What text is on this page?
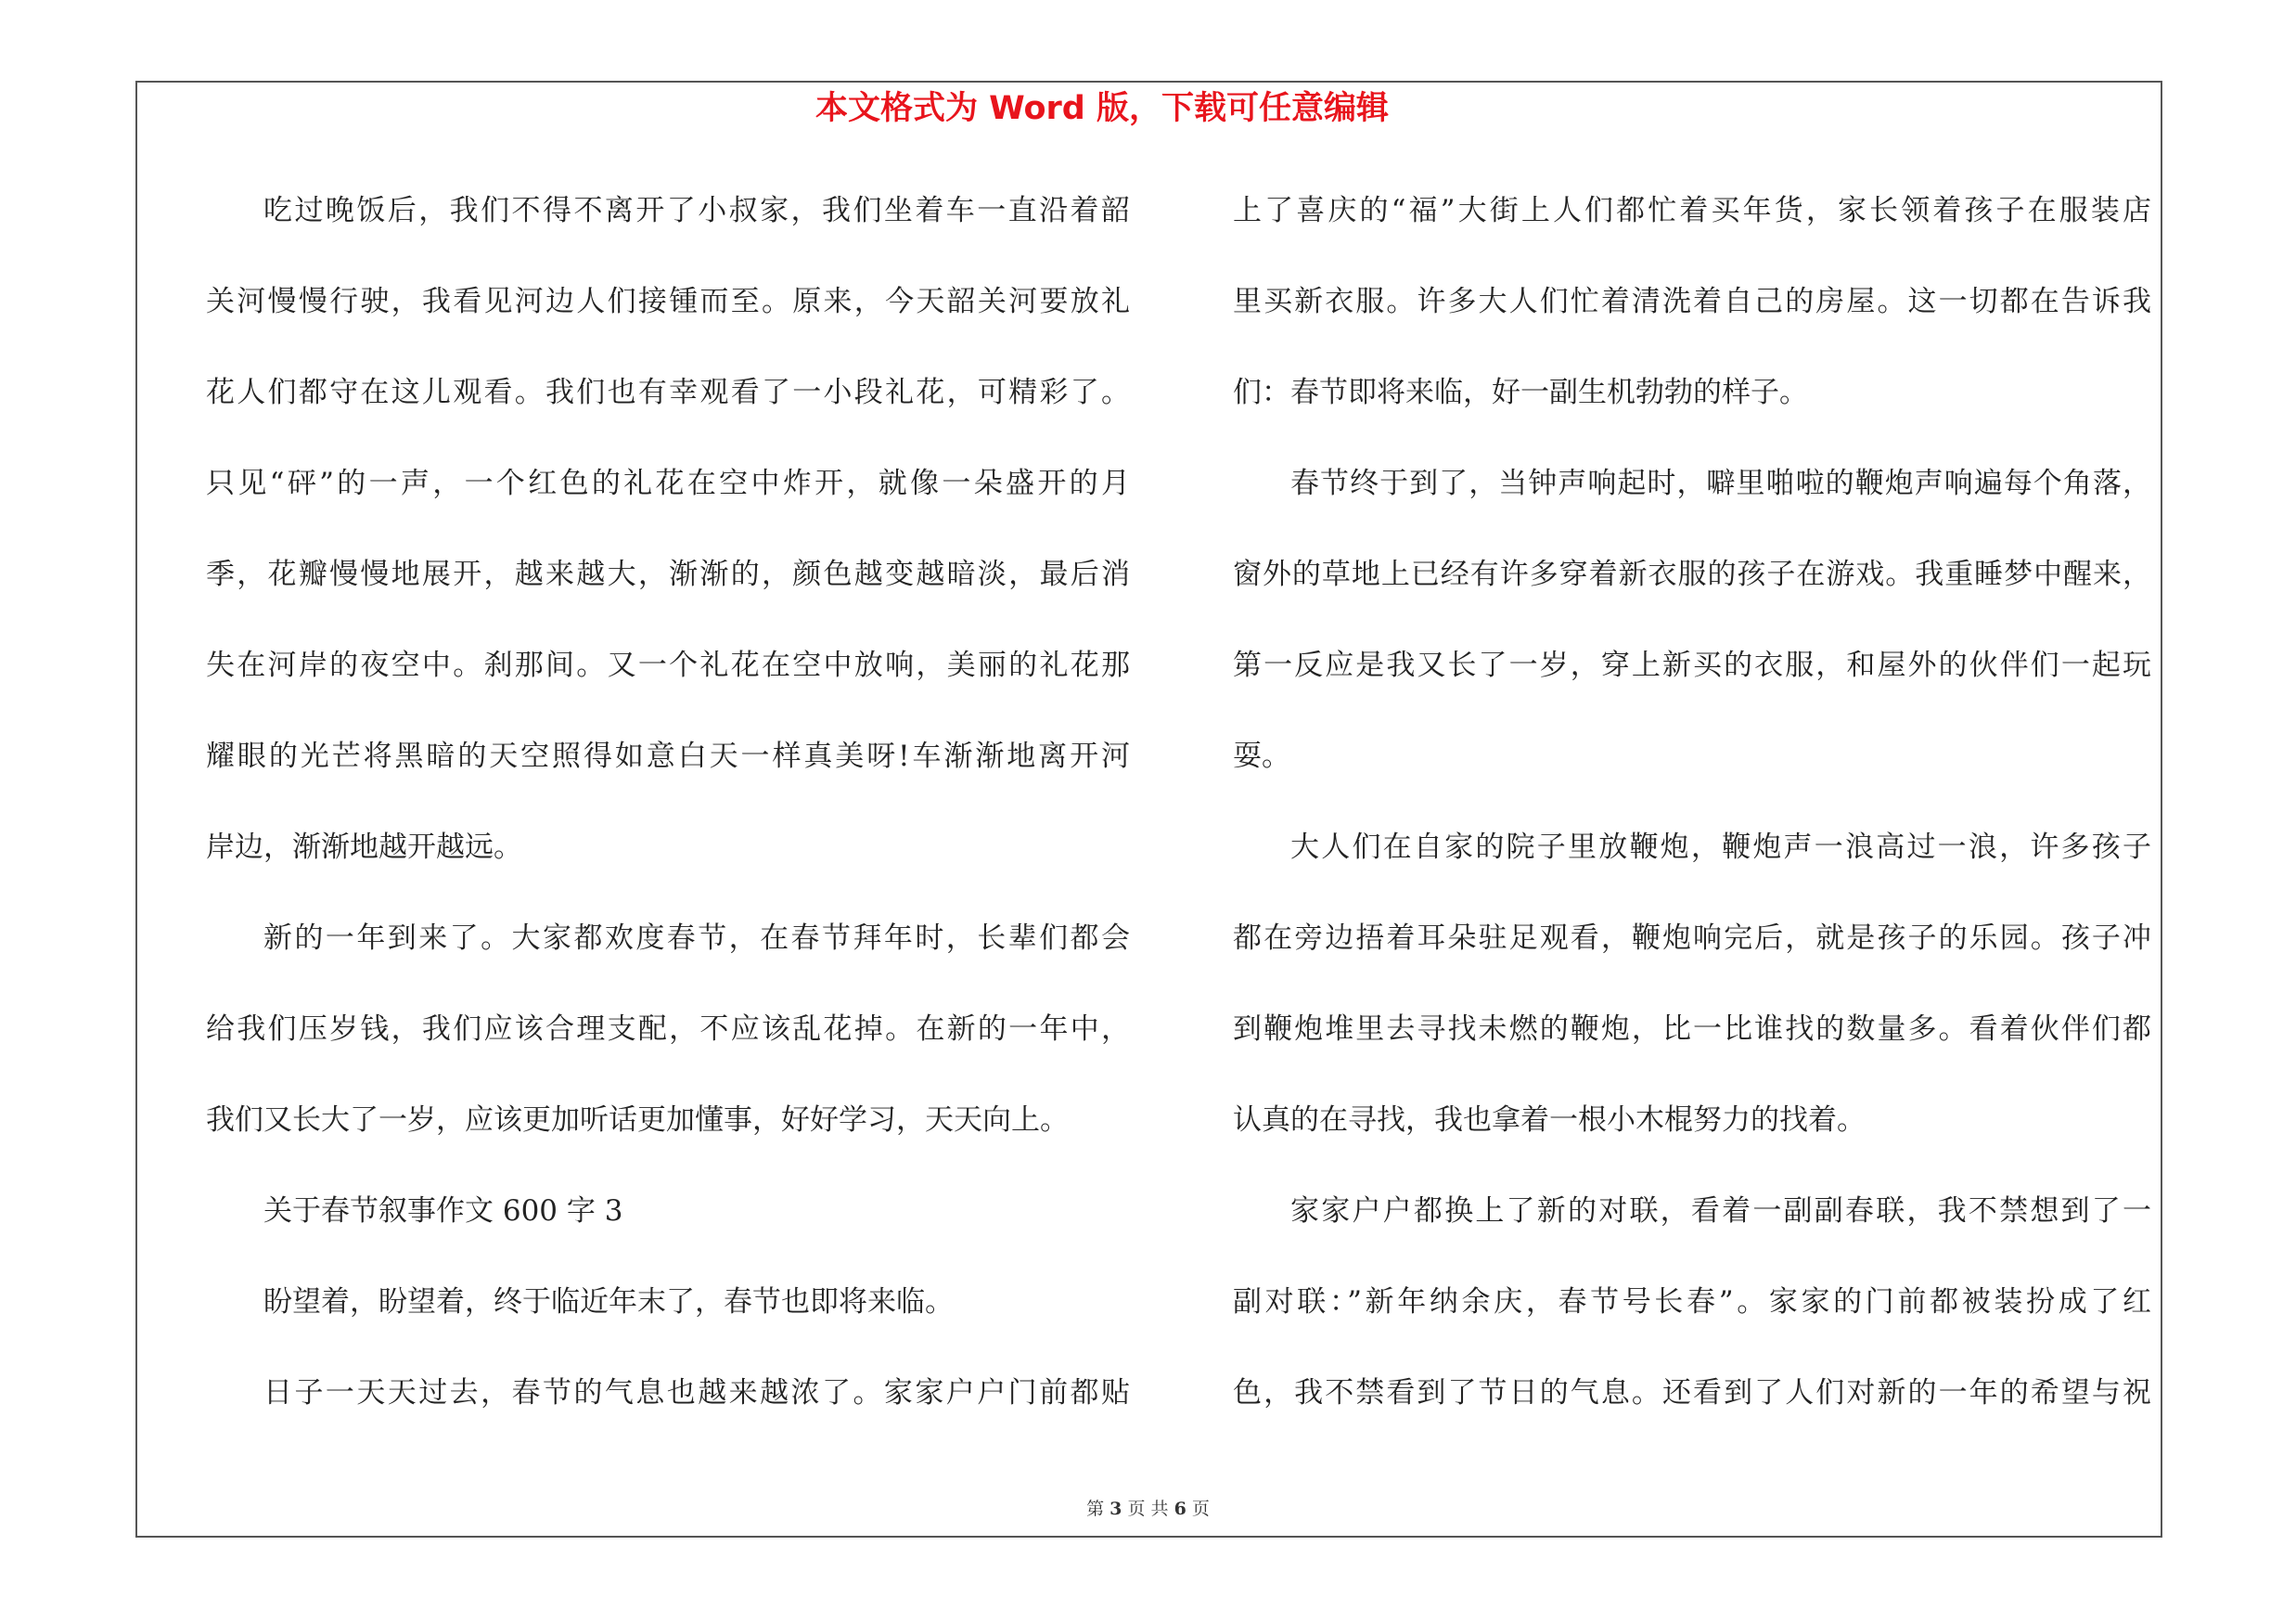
本文格式为 Word 版，下载可任意编辑
吃过晚饭后，我们不得不离开了小叔家，我们坐着车一直沿着韶
关河慢慢行驶，我看见河边人们接锺而至。原来，今天韶关河要放礼
花人们都守在这儿观看。我们也有幸观看了一小段礼花，可精彩了。
只见“砰”的一声，一个红色的礼花在空中炸开，就像一朵盛开的月
季，花瓣慢慢地展开，越来越大，渐渐的，颜色越变越暗淡，最后消
失在河岸的夜空中。刹那间。又一个礼花在空中放响，美丽的礼花那
耀眼的光芒将黑暗的天空照得如意白天一样真美呀!车渐渐地离开河
岸边，渐渐地越开越远。
新的一年到来了。大家都欢度春节，在春节拜年时，长辈们都会
给我们压岁钱，我们应该合理支配，不应该乱花掉。在新的一年中，
我们又长大了一岁，应该更加听话更加懂事，好好学习，天天向上。
关于春节叙事作文 600 字 3
盼望着，盼望着，终于临近年末了，春节也即将来临。
日子一天天过去，春节的气息也越来越浓了。家家户户门前都贴
上了喜庆的“福”大街上人们都忙着买年货，家长领着孩子在服装店
里买新衣服。许多大人们忙着清洗着自己的房屋。这一切都在告诉我
们：春节即将来临，好一副生机勃勃的样子。
春节终于到了，当钟声响起时，噼里啪啦的鞭炮声响遍每个角落，
窗外的草地上已经有许多穿着新衣服的孩子在游戏。我重睡梦中醒来，
第一反应是我又长了一岁，穿上新买的衣服，和屋外的伙伴们一起玩
耍。
大人们在自家的院子里放鞭炮，鞭炮声一浪高过一浪，许多孩子
都在旁边捂着耳朵驻足观看，鞭炮响完后，就是孩子的乐园。孩子冲
到鞭炮堆里去寻找未燃的鞭炮，比一比谁找的数量多。看着伙伴们都
认真的在寻找，我也拿着一根小木棍努力的找着。
家家户户都换上了新的对联，看着一副副春联，我不禁想到了一
副对联：”新年纳余庆，春节号长春”。家家的门前都被装扮成了红
色，我不禁看到了节日的气息。还看到了人们对新的一年的希望与祝
第 3 页 共 6 页
